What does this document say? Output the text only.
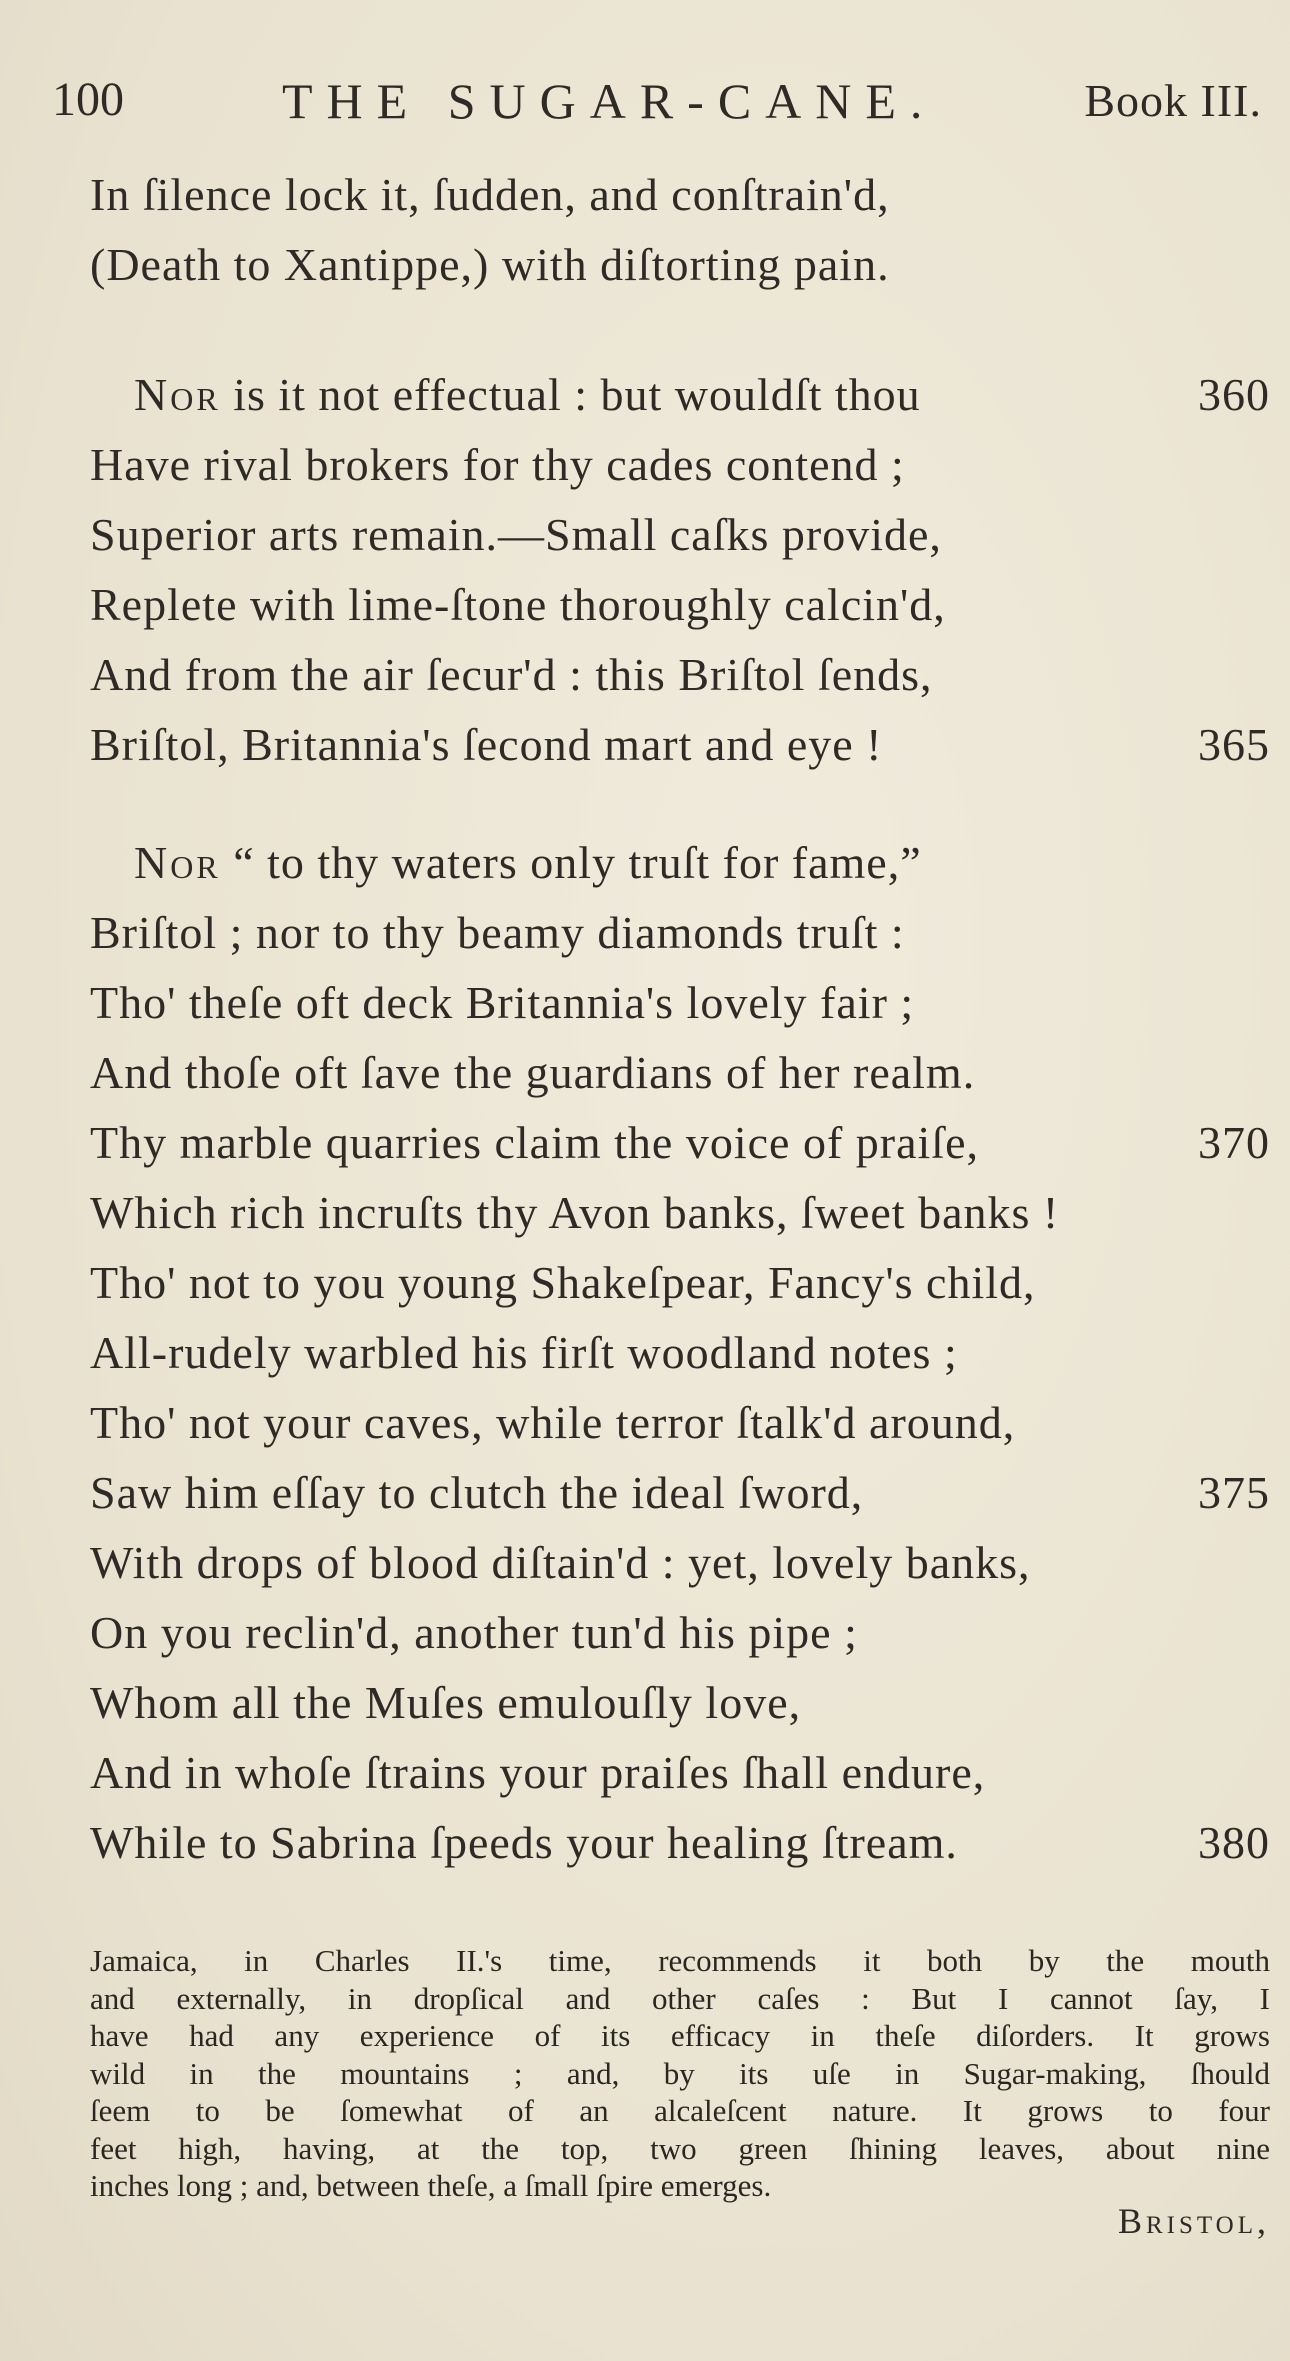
100	THE SUGAR-CANE.	Book III.
In ſilence lock it, ſudden, and conſtrain'd,
(Death to Xantippe,) with diſtorting pain.
Nor is it not effectual : but wouldſt thou	360
Have rival brokers for thy cades contend ;
Superior arts remain.—Small caſks provide,
Replete with lime-ſtone thoroughly calcin'd,
And from the air ſecur'd : this Briſtol ſends,
Briſtol, Britannia's ſecond mart and eye !	365
Nor “ to thy waters only truſt for fame,”
Briſtol ; nor to thy beamy diamonds truſt :
Tho' theſe oft deck Britannia's lovely fair ;
And thoſe oft ſave the guardians of her realm.
Thy marble quarries claim the voice of praiſe,	370
Which rich incruſts thy Avon banks, ſweet banks !
Tho' not to you young Shakeſpear, Fancy's child,
All-rudely warbled his firſt woodland notes ;
Tho' not your caves, while terror ſtalk'd around,
Saw him eſſay to clutch the ideal ſword,	375
With drops of blood diſtain'd : yet, lovely banks,
On you reclin'd, another tun'd his pipe ;
Whom all the Muſes emulouſly love,
And in whoſe ſtrains your praiſes ſhall endure,
While to Sabrina ſpeeds your healing ſtream.	380
Jamaica, in Charles II.'s time, recommends it both by the mouth
and externally, in dropſical and other caſes : But I cannot ſay, I
have had any experience of its efficacy in theſe diſorders. It grows
wild in the mountains ; and, by its uſe in Sugar-making, ſhould
ſeem to be ſomewhat of an alcaleſcent nature. It grows to four
feet high, having, at the top, two green ſhining leaves, about nine
inches long ; and, between theſe, a ſmall ſpire emerges.
Bristol,
